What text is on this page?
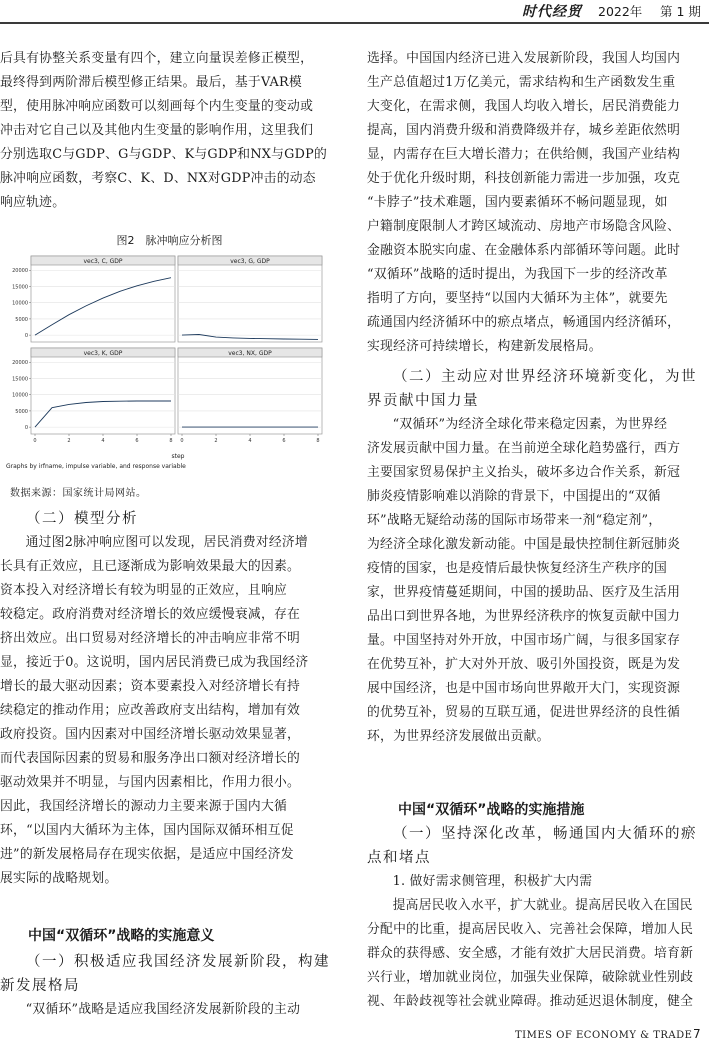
时代经贸 2022年 第 1 期
后具有协整关系变量有四个，建立向量误差修正模型，
最终得到两阶滞后模型修正结果。最后，基于VAR模
型，使用脉冲响应函数可以刻画每个内生变量的变动或
冲击对它自己以及其他内生变量的影响作用，这里我们
分别选取C与GDP、G与GDP、K与GDP和NX与GDP的
脉冲响应函数，考察C、K、D、NX对GDP冲击的动态
响应轨迹。
图2　脉冲响应分析图
vec3, C, GDP
0
5000
10000
15000
20000
vec3, G, GDP
vec3, K, GDP
0
5000
10000
15000
20000
0	2	4	6	8
vec3, NX, GDP
0	2	4	6	8
step
Graphs by irfname, impulse variable, and response variable
数据来源：国家统计局网站。
（二）模型分析
通过图2脉冲响应图可以发现，居民消费对经济增
长具有正效应，且已逐渐成为影响效果最大的因素。
资本投入对经济增长有较为明显的正效应，且响应
较稳定。政府消费对经济增长的效应缓慢衰减，存在
挤出效应。出口贸易对经济增长的冲击响应非常不明
显，接近于0。这说明，国内居民消费已成为我国经济
增长的最大驱动因素；资本要素投入对经济增长有持
续稳定的推动作用；应改善政府支出结构，增加有效
政府投资。国内因素对中国经济增长驱动效果显著，
而代表国际因素的贸易和服务净出口额对经济增长的
驱动效果并不明显，与国内因素相比，作用力很小。
因此，我国经济增长的源动力主要来源于国内大循
环，“以国内大循环为主体，国内国际双循环相互促
进”的新发展格局存在现实依据，是适应中国经济发
展实际的战略规划。
中国“双循环”战略的实施意义
（一）积极适应我国经济发展新阶段，构建
新发展格局
“双循环”战略是适应我国经济发展新阶段的主动
选择。中国国内经济已进入发展新阶段，我国人均国内
生产总值超过1万亿美元，需求结构和生产函数发生重
大变化，在需求侧，我国人均收入增长，居民消费能力
提高，国内消费升级和消费降级并存，城乡差距依然明
显，内需存在巨大增长潜力；在供给侧，我国产业结构
处于优化升级时期，科技创新能力需进一步加强，攻克
“卡脖子”技术难题，国内要素循环不畅问题显现，如
户籍制度限制人才跨区域流动、房地产市场隐含风险、
金融资本脱实向虚、在金融体系内部循环等问题。此时
“双循环”战略的适时提出，为我国下一步的经济改革
指明了方向，要坚持“以国内大循环为主体”，就要先
疏通国内经济循环中的瘀点堵点，畅通国内经济循环，
实现经济可持续增长，构建新发展格局。
（二）主动应对世界经济环境新变化，为世
界贡献中国力量
“双循环”为经济全球化带来稳定因素，为世界经
济发展贡献中国力量。在当前逆全球化趋势盛行，西方
主要国家贸易保护主义抬头，破坏多边合作关系，新冠
肺炎疫情影响难以消除的背景下，中国提出的“双循
环”战略无疑给动荡的国际市场带来一剂“稳定剂”，
为经济全球化激发新动能。中国是最快控制住新冠肺炎
疫情的国家，也是疫情后最快恢复经济生产秩序的国
家，世界疫情蔓延期间，中国的援助品、医疗及生活用
品出口到世界各地，为世界经济秩序的恢复贡献中国力
量。中国坚持对外开放，中国市场广阔，与很多国家存
在优势互补，扩大对外开放、吸引外国投资，既是为发
展中国经济，也是中国市场向世界敞开大门，实现资源
的优势互补，贸易的互联互通，促进世界经济的良性循
环，为世界经济发展做出贡献。
中国“双循环”战略的实施措施
（一）坚持深化改革，畅通国内大循环的瘀
点和堵点
1. 做好需求侧管理，积极扩大内需
提高居民收入水平，扩大就业。提高居民收入在国民
分配中的比重，提高居民收入、完善社会保障，增加人民
群众的获得感、安全感，才能有效扩大居民消费。培育新
兴行业，增加就业岗位，加强失业保障，破除就业性别歧
视、年龄歧视等社会就业障碍。推动延迟退休制度，健全
TIMES OF ECONOMY & TRADE 7
